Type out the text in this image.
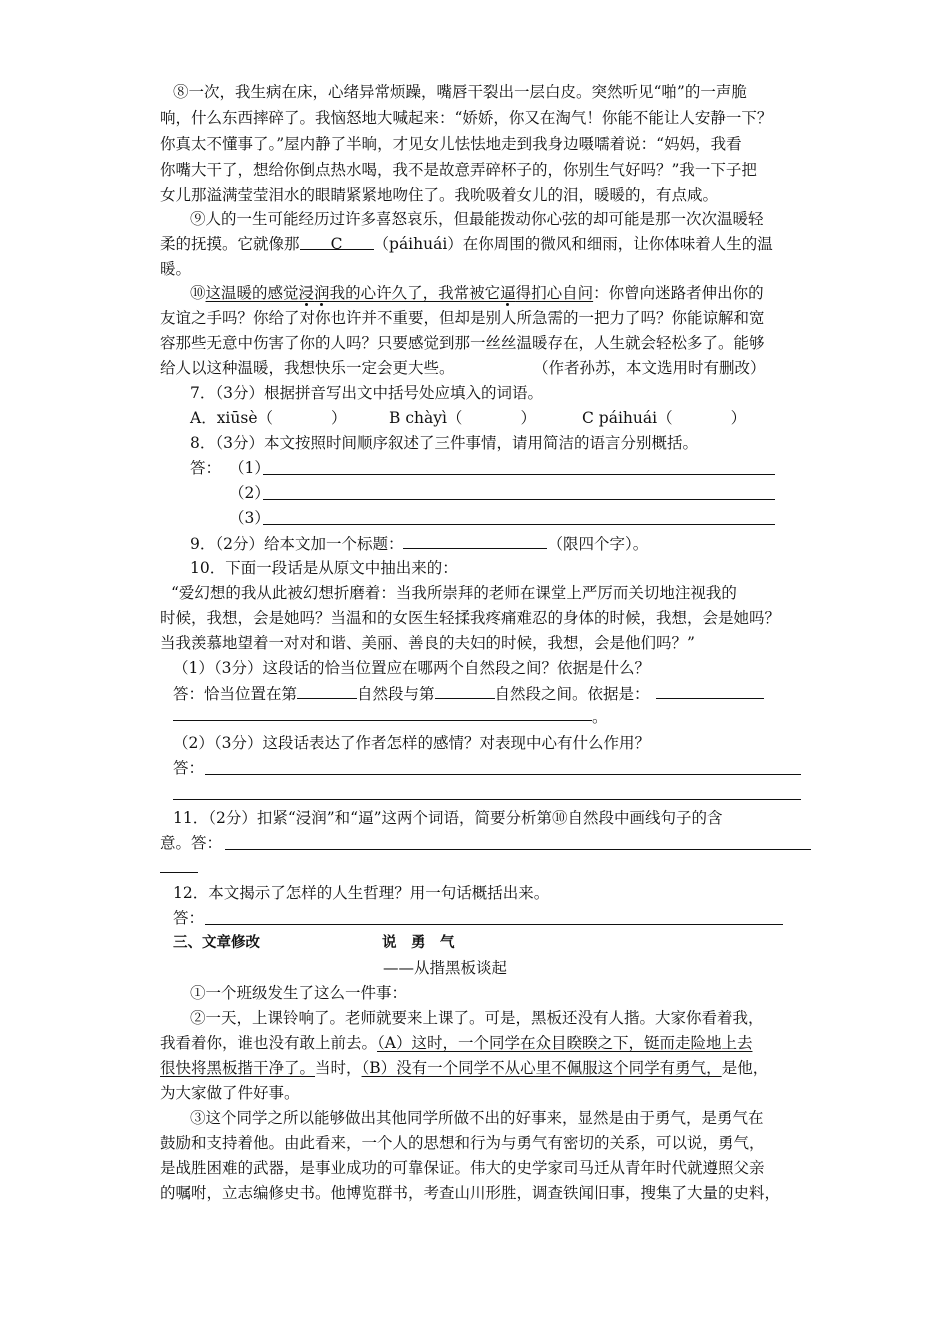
⑧一次，我生病在床，心绪异常烦躁，嘴唇干裂出一层白皮。突然听见“啪”的一声脆
响，什么东西摔碎了。我恼怒地大喊起来：“娇娇，你又在淘气！你能不能让人安静一下？
你真太不懂事了。”屋内静了半晌，才见女儿怯怯地走到我身边嗫嚅着说：“妈妈，我看
你嘴大干了，想给你倒点热水喝，我不是故意弄碎杯子的，你别生气好吗？”我一下子把
女儿那溢满莹莹泪水的眼睛紧紧地吻住了。我吮吸着女儿的泪，暖暖的，有点咸。
⑨人的一生可能经历过许多喜怒哀乐，但最能拨动你心弦的却可能是那一次次温暖轻
柔的抚摸。它就像那 C （páihuái）在你周围的微风和细雨，让你体味着人生的温
暖。
⑩这温暖的感觉浸润我的心许久了，我常被它逼得扪心自问：你曾向迷路者伸出你的
友谊之手吗？你给了对你也许并不重要，但却是别人所急需的一把力了吗？你能谅解和宽
容那些无意中伤害了你的人吗？只要感觉到那一丝丝温暖存在，人生就会轻松多了。能够
给人以这种温暖，我想快乐一定会更大些。	（作者孙苏，本文选用时有删改）
7．（3分）根据拼音写出文中括号处应填入的词语。
A．xiūsè（	）	B chàyì（	）	C páihuái（	）
8．（3分）本文按照时间顺序叙述了三件事情，请用简洁的语言分别概括。
答： （1）
（2）
（3）
9．（2分）给本文加一个标题：	（限四个字）。
10．下面一段话是从原文中抽出来的：
“爱幻想的我从此被幻想折磨着：当我所崇拜的老师在课堂上严厉而关切地注视我的
时候，我想，会是她吗？当温和的女医生轻揉我疼痛难忍的身体的时候，我想，会是她吗？
当我羡慕地望着一对对和谐、美丽、善良的夫妇的时候，我想，会是他们吗？”
（1）（3分）这段话的恰当位置应在哪两个自然段之间？依据是什么？
答：恰当位置在第	自然段与第	自然段之间。依据是：
。
（2）（3分）这段话表达了作者怎样的感情？对表现中心有什么作用？
答：
11．（2分）扣紧“浸润”和“逼”这两个词语，简要分析第⑩自然段中画线句子的含
意。答：
12．本文揭示了怎样的人生哲理？用一句话概括出来。
答：
三、文章修改	说　勇　气
——从揩黑板谈起
①一个班级发生了这么一件事：
②一天，上课铃响了。老师就要来上课了。可是，黑板还没有人揩。大家你看着我，
我看着你，谁也没有敢上前去。（A）这时，一个同学在众目睽睽之下，铤而走险地上去
很快将黑板揩干净了。当时，（B）没有一个同学不从心里不佩服这个同学有勇气，是他，
为大家做了件好事。
③这个同学之所以能够做出其他同学所做不出的好事来，显然是由于勇气，是勇气在
鼓励和支持着他。由此看来，一个人的思想和行为与勇气有密切的关系，可以说，勇气，
是战胜困难的武器，是事业成功的可靠保证。伟大的史学家司马迁从青年时代就遵照父亲
的嘱咐，立志编修史书。他博览群书，考查山川形胜，调查铁闻旧事，搜集了大量的史料，
